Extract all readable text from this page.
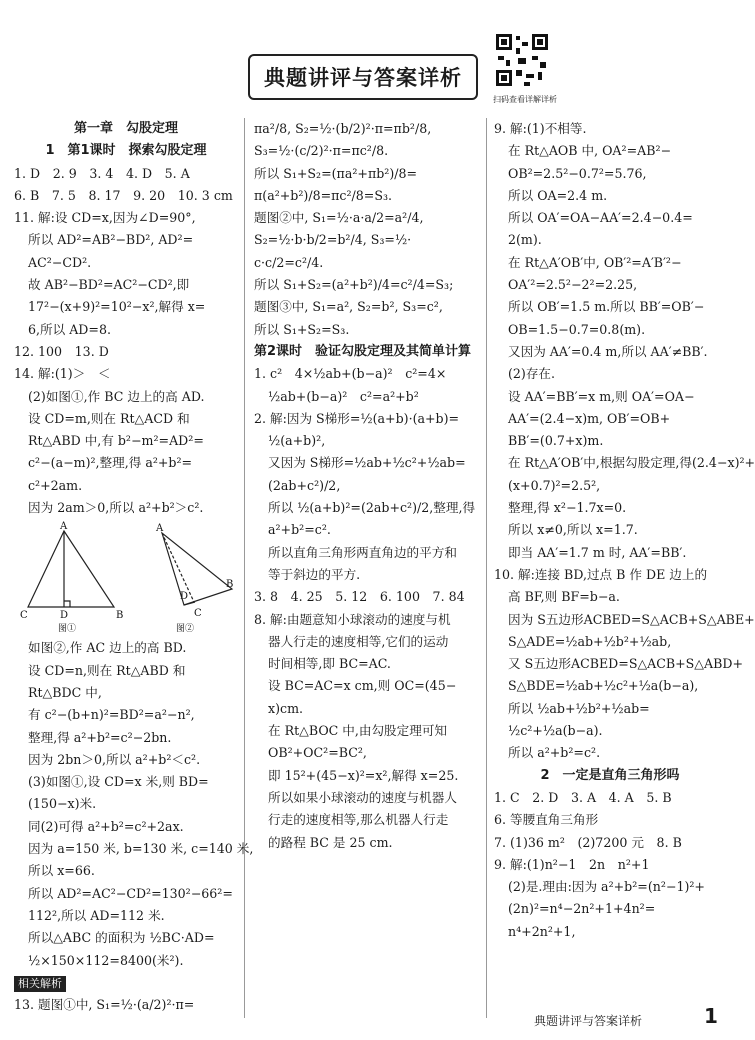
典题讲评与答案详析
扫码查看详解详析
第一章　勾股定理
1　第1课时　探索勾股定理
1. D　2. 9　3. 4　4. D　5. A
6. B　7. 5　8. 17　9. 20　10. 3 cm
11. 解:设 CD=x,因为∠D=90°,
所以 AD²=AB²−BD², AD²=
AC²−CD².
故 AB²−BD²=AC²−CD²,即
17²−(x+9)²=10²−x²,解得 x=
6,所以 AD=8.
12. 100　13. D
14. 解:(1)＞　＜
(2)如图①,作 BC 边上的高 AD.
设 CD=m,则在 Rt△ACD 和
Rt△ABD 中,有 b²−m²=AD²=
c²−(a−m)²,整理,得 a²+b²=
c²+2am.
因为 2am＞0,所以 a²+b²＞c².
A
C	D	B
图①
A
D
C
B
图②
如图②,作 AC 边上的高 BD.
设 CD=n,则在 Rt△ABD 和
Rt△BDC 中,
有 c²−(b+n)²=BD²=a²−n²,
整理,得 a²+b²=c²−2bn.
因为 2bn＞0,所以 a²+b²＜c².
(3)如图①,设 CD=x 米,则 BD=
(150−x)米.
同(2)可得 a²+b²=c²+2ax.
因为 a=150 米, b=130 米, c=140 米,
所以 x=66.
所以 AD²=AC²−CD²=130²−66²=
112²,所以 AD=112 米.
所以△ABC 的面积为 ½BC·AD=
½×150×112=8400(米²).
相关解析
13. 题图①中, S₁=½·(a/2)²·π=
πa²/8, S₂=½·(b/2)²·π=πb²/8,
S₃=½·(c/2)²·π=πc²/8.
所以 S₁+S₂=(πa²+πb²)/8=
π(a²+b²)/8=πc²/8=S₃.
题图②中, S₁=½·a·a/2=a²/4,
S₂=½·b·b/2=b²/4, S₃=½·
c·c/2=c²/4.
所以 S₁+S₂=(a²+b²)/4=c²/4=S₃;
题图③中, S₁=a², S₂=b², S₃=c²,
所以 S₁+S₂=S₃.
第2课时　验证勾股定理及其简单计算
1. c²　4×½ab+(b−a)²　c²=4×
½ab+(b−a)²　c²=a²+b²
2. 解:因为 S梯形=½(a+b)·(a+b)=
½(a+b)²,
又因为 S梯形=½ab+½c²+½ab=
(2ab+c²)/2,
所以 ½(a+b)²=(2ab+c²)/2,整理,得
a²+b²=c².
所以直角三角形两直角边的平方和
等于斜边的平方.
3. 8　4. 25　5. 12　6. 100　7. 84
8. 解:由题意知小球滚动的速度与机
器人行走的速度相等,它们的运动
时间相等,即 BC=AC.
设 BC=AC=x cm,则 OC=(45−
x)cm.
在 Rt△BOC 中,由勾股定理可知
OB²+OC²=BC²,
即 15²+(45−x)²=x²,解得 x=25.
所以如果小球滚动的速度与机器人
行走的速度相等,那么机器人行走
的路程 BC 是 25 cm.
9. 解:(1)不相等.
在 Rt△AOB 中, OA²=AB²−
OB²=2.5²−0.7²=5.76,
所以 OA=2.4 m.
所以 OA′=OA−AA′=2.4−0.4=
2(m).
在 Rt△A′OB′中, OB′²=A′B′²−
OA′²=2.5²−2²=2.25,
所以 OB′=1.5 m.所以 BB′=OB′−
OB=1.5−0.7=0.8(m).
又因为 AA′=0.4 m,所以 AA′≠BB′.
(2)存在.
设 AA′=BB′=x m,则 OA′=OA−
AA′=(2.4−x)m, OB′=OB+
BB′=(0.7+x)m.
在 Rt△A′OB′中,根据勾股定理,得(2.4−x)²+
(x+0.7)²=2.5²,
整理,得 x²−1.7x=0.
所以 x≠0,所以 x=1.7.
即当 AA′=1.7 m 时, AA′=BB′.
10. 解:连接 BD,过点 B 作 DE 边上的
高 BF,则 BF=b−a.
因为 S五边形ACBED=S△ACB+S△ABE+
S△ADE=½ab+½b²+½ab,
又 S五边形ACBED=S△ACB+S△ABD+
S△BDE=½ab+½c²+½a(b−a),
所以 ½ab+½b²+½ab=
½c²+½a(b−a).
所以 a²+b²=c².
2　一定是直角三角形吗
1. C　2. D　3. A　4. A　5. B
6. 等腰直角三角形
7. (1)36 m²　(2)7200 元　8. B
9. 解:(1)n²−1　2n　n²+1
(2)是.理由:因为 a²+b²=(n²−1)²+
(2n)²=n⁴−2n²+1+4n²=
n⁴+2n²+1,
典题讲评与答案详析	1
